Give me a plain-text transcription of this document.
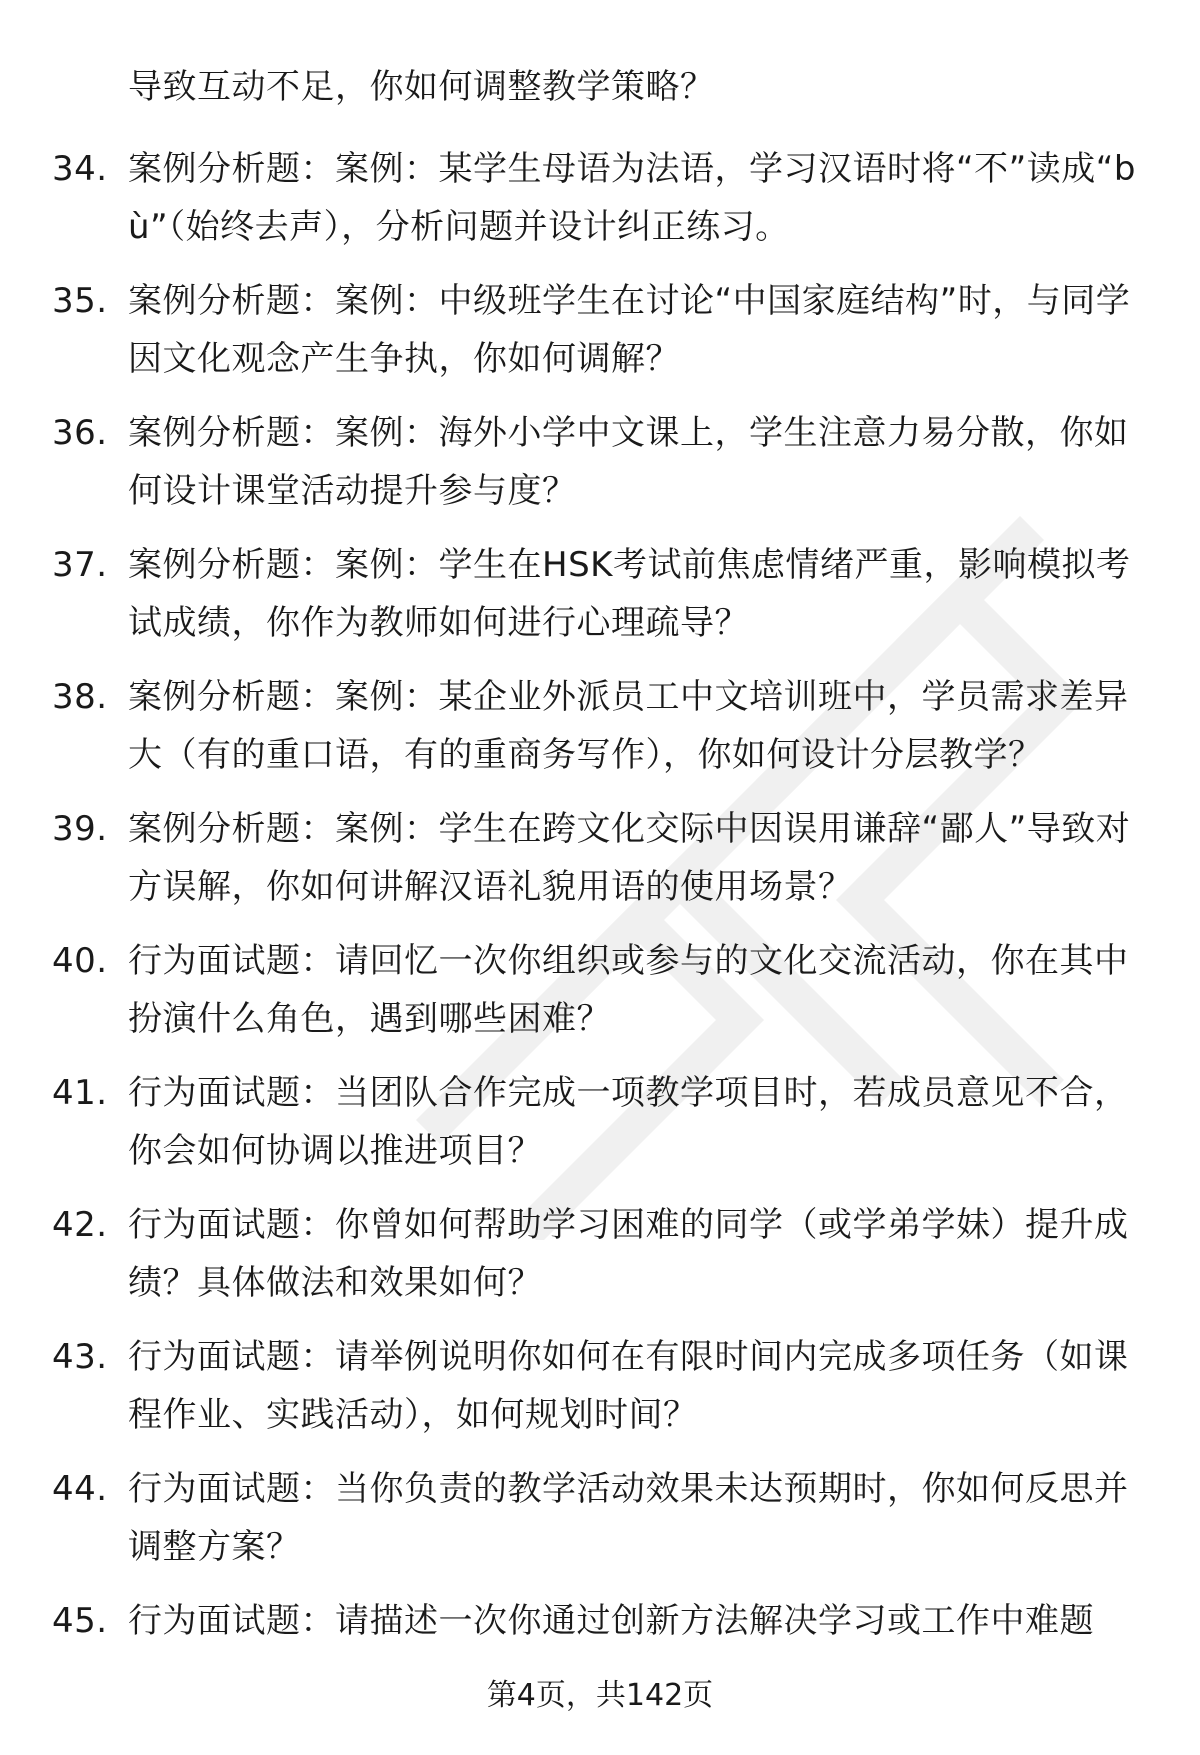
导致互动不足，你如何调整教学策略？
34. 案例分析题：案例：某学生母语为法语，学习汉语时将“不”读成“bù”（始终去声），分析问题并设计纠正练习。
35. 案例分析题：案例：中级班学生在讨论“中国家庭结构”时，与同学因文化观念产生争执，你如何调解？
36. 案例分析题：案例：海外小学中文课上，学生注意力易分散，你如何设计课堂活动提升参与度？
37. 案例分析题：案例：学生在HSK考试前焦虑情绪严重，影响模拟考试成绩，你作为教师如何进行心理疏导？
38. 案例分析题：案例：某企业外派员工中文培训班中，学员需求差异大（有的重口语，有的重商务写作），你如何设计分层教学？
39. 案例分析题：案例：学生在跨文化交际中因误用谦辞“鄙人”导致对方误解，你如何讲解汉语礼貌用语的使用场景？
40. 行为面试题：请回忆一次你组织或参与的文化交流活动，你在其中扮演什么角色，遇到哪些困难？
41. 行为面试题：当团队合作完成一项教学项目时，若成员意见不合，你会如何协调以推进项目？
42. 行为面试题：你曾如何帮助学习困难的同学（或学弟学妹）提升成绩？具体做法和效果如何？
43. 行为面试题：请举例说明你如何在有限时间内完成多项任务（如课程作业、实践活动），如何规划时间？
44. 行为面试题：当你负责的教学活动效果未达预期时，你如何反思并调整方案？
45. 行为面试题：请描述一次你通过创新方法解决学习或工作中难题
第4页，共142页
